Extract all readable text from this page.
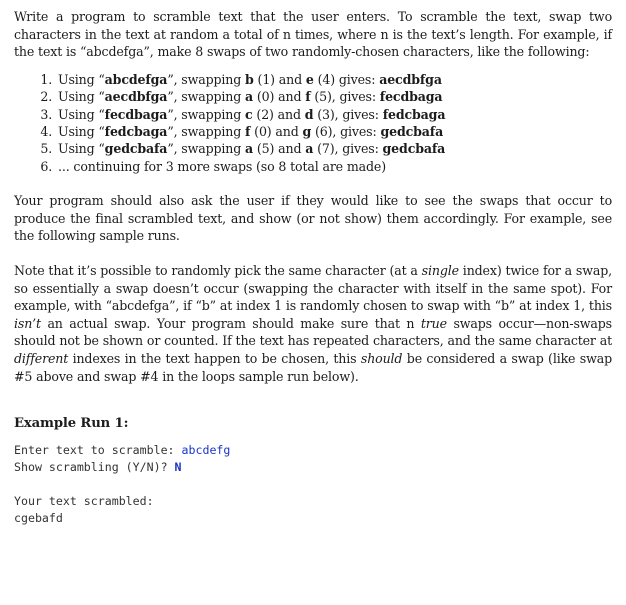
Write a program to scramble text that the user enters. To scramble the text, swap two characters in the text at random a total of n times, where n is the text’s length. For example, if the text is “abcdefga”, make 8 swaps of two randomly-chosen characters, like the following:

1. Using “abcdefga”, swapping b (1) and e (4) gives: aecdbfga
2. Using “aecdbfga”, swapping a (0) and f (5), gives: fecdbaga
3. Using “fecdbaga”, swapping c (2) and d (3), gives: fedcbaga
4. Using “fedcbaga”, swapping f (0) and g (6), gives: gedcbafa
5. Using “gedcbafa”, swapping a (5) and a (7), gives: gedcbafa
6. ... continuing for 3 more swaps (so 8 total are made)

Your program should also ask the user if they would like to see the swaps that occur to produce the final scrambled text, and show (or not show) them accordingly. For example, see the following sample runs.

Note that it’s possible to randomly pick the same character (at a single index) twice for a swap, so essentially a swap doesn’t occur (swapping the character with itself in the same spot). For example, with “abcdefga”, if “b” at index 1 is randomly chosen to swap with “b” at index 1, this isn’t an actual swap. Your program should make sure that n true swaps occur—non-swaps should not be shown or counted. If the text has repeated characters, and the same character at different indexes in the text happen to be chosen, this should be considered a swap (like swap #5 above and swap #4 in the loops sample run below).

Example Run 1:

Enter text to scramble: abcdefg
Show scrambling (Y/N)? N
Your text scrambled:
cgebafd
